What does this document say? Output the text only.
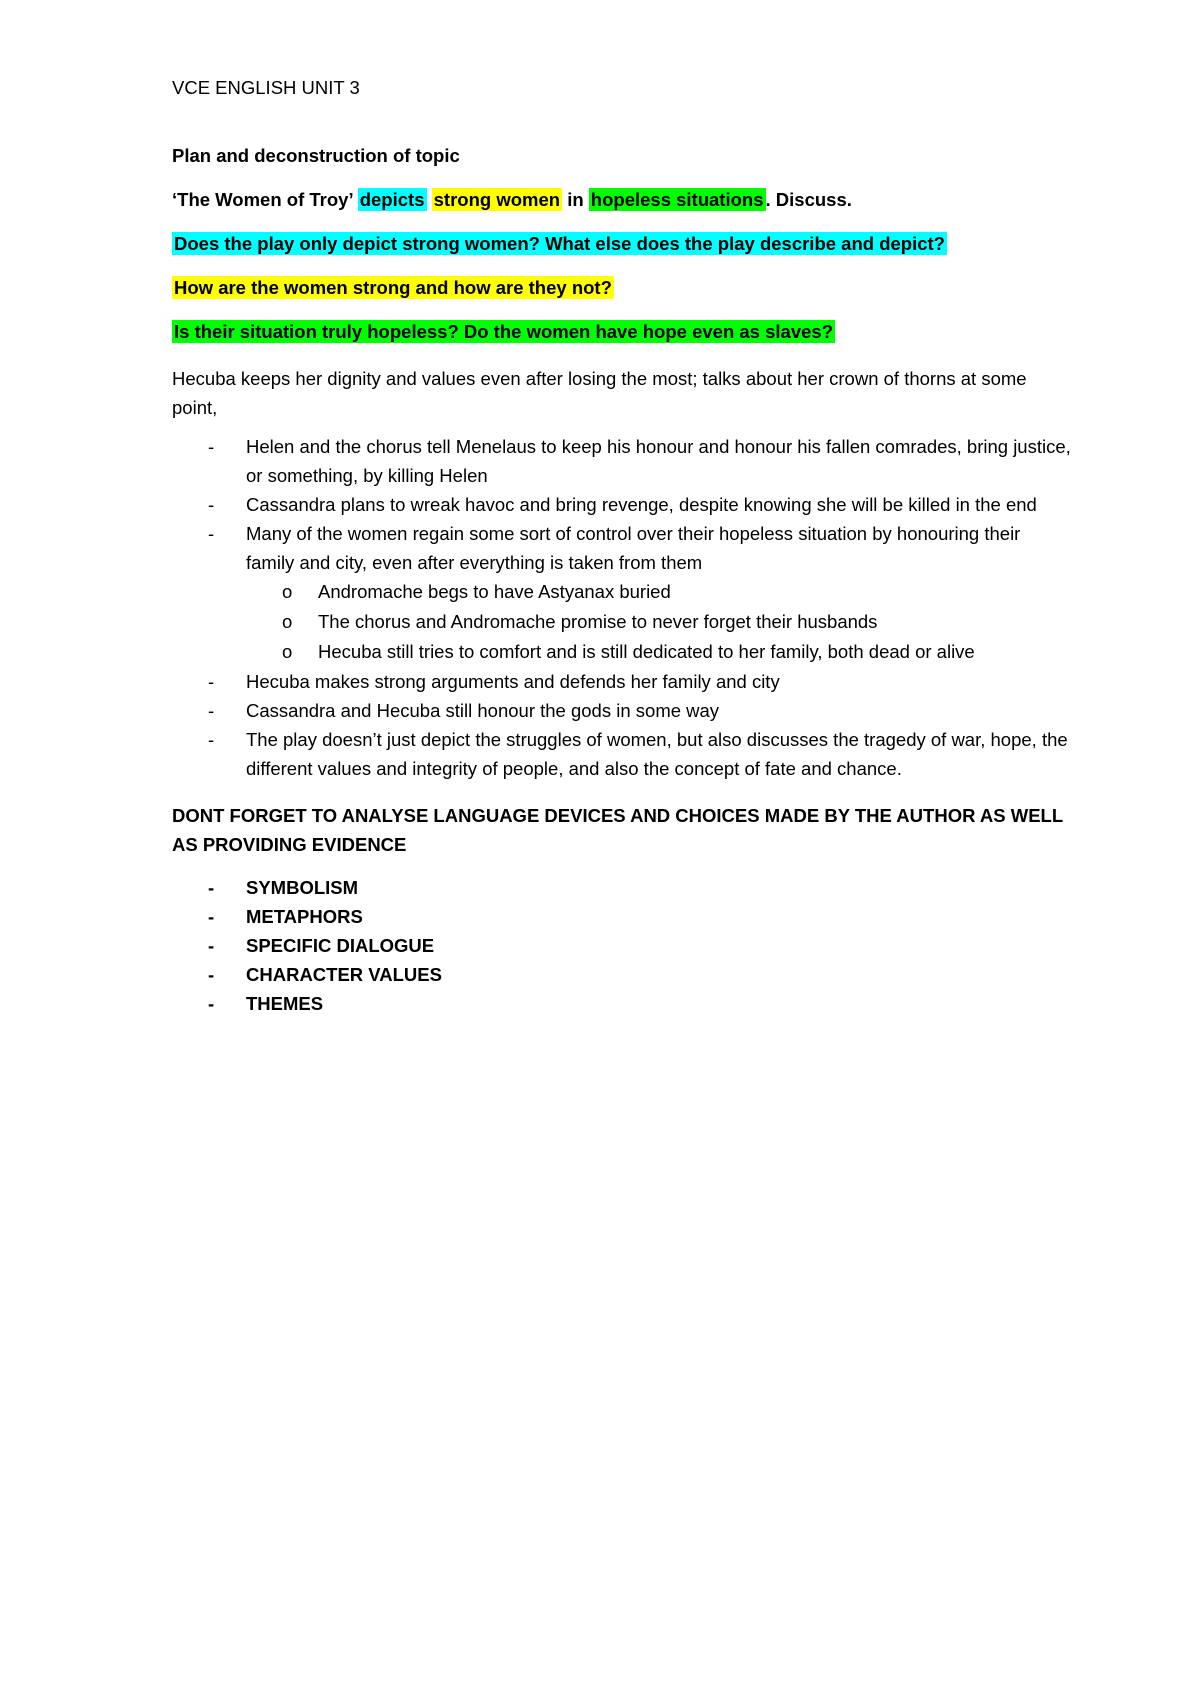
VCE ENGLISH UNIT 3
Plan and deconstruction of topic
‘The Women of Troy’ depicts strong women in hopeless situations . Discuss.
Does the play only depict strong women? What else does the play describe and depict?
How are the women strong and how are they not?
Is their situation truly hopeless? Do the women have hope even as slaves?
Hecuba keeps her dignity and values even after losing the most; talks about her crown of thorns at some point,
- Helen and the chorus tell Menelaus to keep his honour and honour his fallen comrades, bring justice, or something, by killing Helen
- Cassandra plans to wreak havoc and bring revenge, despite knowing she will be killed in the end
- Many of the women regain some sort of control over their hopeless situation by honouring their family and city, even after everything is taken from them
o Andromache begs to have Astyanax buried
o The chorus and Andromache promise to never forget their husbands
o Hecuba still tries to comfort and is still dedicated to her family, both dead or alive
- Hecuba makes strong arguments and defends her family and city
- Cassandra and Hecuba still honour the gods in some way
- The play doesn’t just depict the struggles of women, but also discusses the tragedy of war, hope, the different values and integrity of people, and also the concept of fate and chance.
DONT FORGET TO ANALYSE LANGUAGE DEVICES AND CHOICES MADE BY THE AUTHOR AS WELL AS PROVIDING EVIDENCE
- SYMBOLISM
- METAPHORS
- SPECIFIC DIALOGUE
- CHARACTER VALUES
- THEMES
